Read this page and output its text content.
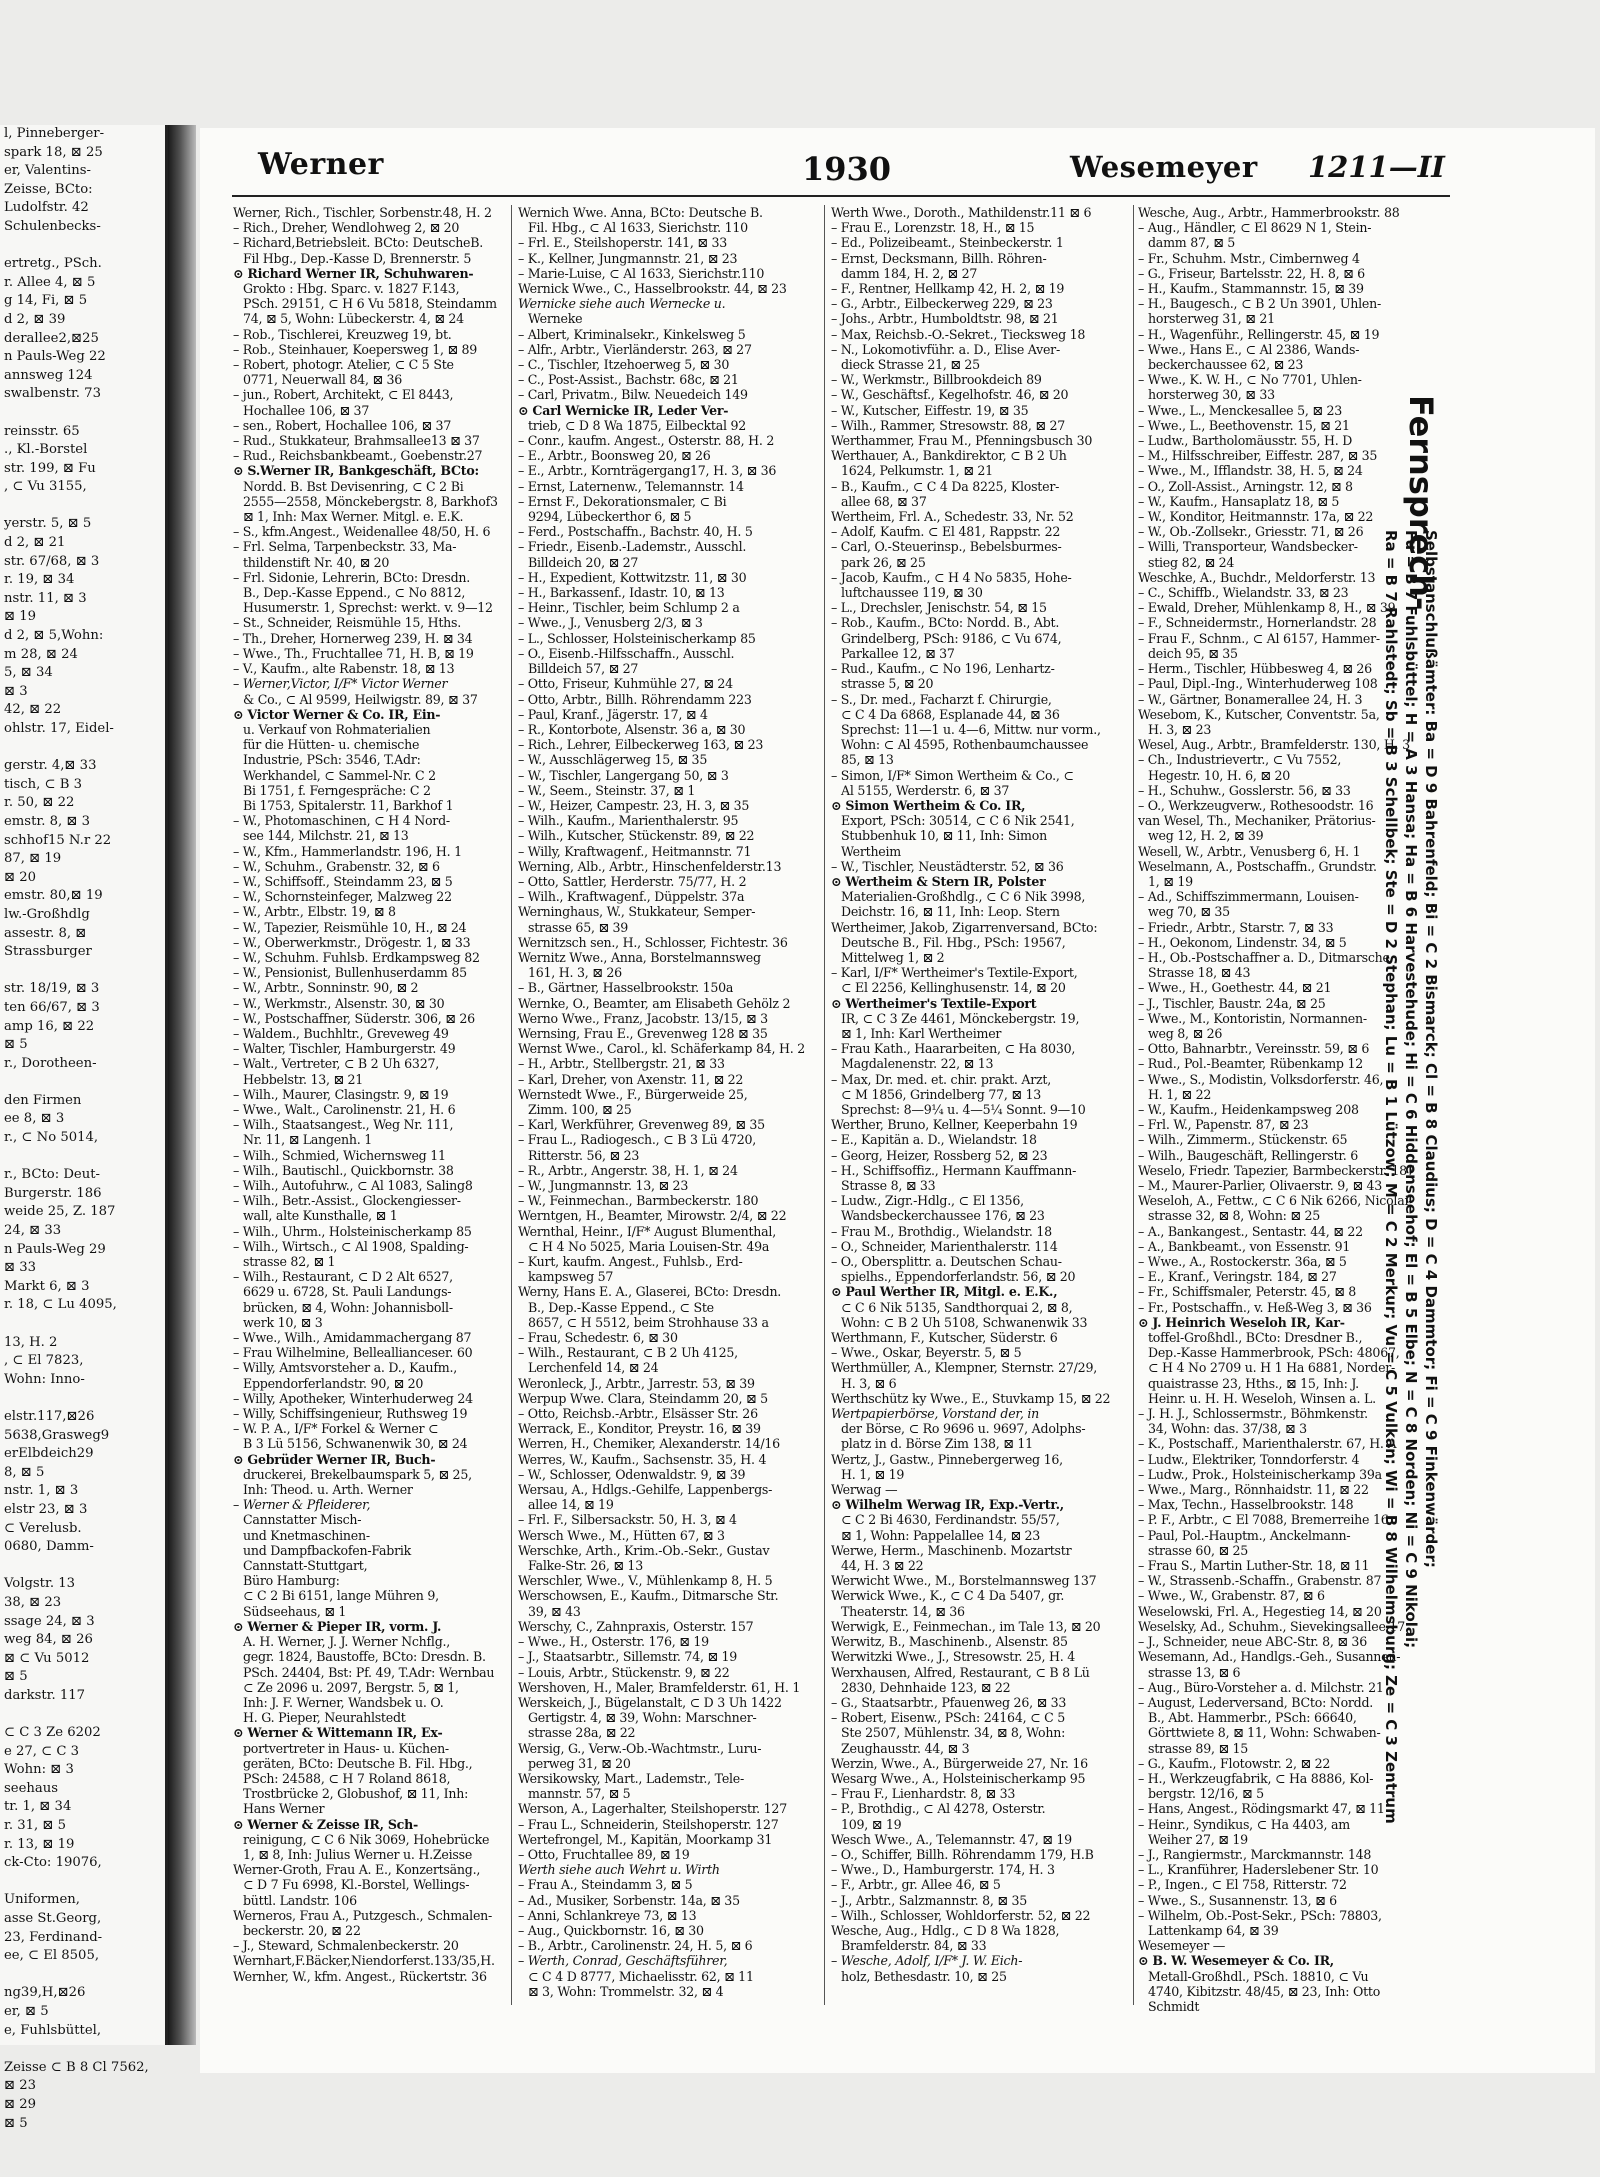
l, Pinneberger-
spark 18, ⊠ 25
er, Valentins-
Zeisse, BCto:
Ludolfstr. 42
Schulenbecks-

ertretg., PSch.
r. Allee 4, ⊠ 5
g 14, Fi, ⊠ 5
d 2, ⊠ 39
derallee2,⊠25
n Pauls-Weg 22
annsweg 124
swalbenstr. 73

reinsstr. 65
., Kl.-Borstel
str. 199, ⊠ Fu
, ⊂ Vu 3155,

yerstr. 5, ⊠ 5
d 2, ⊠ 21
str. 67/68, ⊠ 3
r. 19, ⊠ 34
nstr. 11, ⊠ 3
⊠ 19
d 2, ⊠ 5,Wohn:
m 28, ⊠ 24
5, ⊠ 34
⊠ 3
42, ⊠ 22
ohlstr. 17, Eidel-

gerstr. 4,⊠ 33
tisch, ⊂ B 3
r. 50, ⊠ 22
emstr. 8, ⊠ 3
schhof15 N.r 22
87, ⊠ 19
⊠ 20
emstr. 80,⊠ 19
lw.-Großhdlg
assestr. 8, ⊠
Strassburger

str. 18/19, ⊠ 3
ten 66/67, ⊠ 3
amp 16, ⊠ 22
⊠ 5
r., Dorotheen-

den Firmen
ee 8, ⊠ 3
r., ⊂ No 5014,

r., BCto: Deut-
Burgerstr. 186
weide 25, Z. 187
24, ⊠ 33
n Pauls-Weg 29
⊠ 33
Markt 6, ⊠ 3
r. 18, ⊂ Lu 4095,

13, H. 2
, ⊂ El 7823,
Wohn: Inno-

elstr.117,⊠26
5638,Grasweg9
erElbdeich29
8, ⊠ 5
nstr. 1, ⊠ 3
elstr 23, ⊠ 3
⊂ Verelusb.
0680, Damm-

Volgstr. 13
38, ⊠ 23
ssage 24, ⊠ 3
weg 84, ⊠ 26
⊠ ⊂ Vu 5012
⊠ 5
darkstr. 117

⊂ C 3 Ze 6202
e 27, ⊂ C 3
Wohn: ⊠ 3
seehaus
tr. 1, ⊠ 34
r. 31, ⊠ 5
r. 13, ⊠ 19
ck-Cto: 19076,

Uniformen,
asse St.Georg,
23, Ferdinand-
ee, ⊂ El 8505,

ng39,H,⊠26
er, ⊠ 5
e, Fuhlsbüttel,

Zeisse ⊂ B 8 Cl 7562,
⊠ 23
⊠ 29
⊠ 5
Werner	1930	Wesemeyer 1211—II
Werner, Rich., Tischler, Sorbenstr.48, H. 2
– Rich., Dreher, Wendlohweg 2, ⊠ 20
– Richard,Betriebsleit. BCto: DeutscheB.
Fil Hbg., Dep.-Kasse D, Brennerstr. 5
⊙ Richard Werner IR, Schuhwaren-
Grokto : Hbg. Sparc. v. 1827 F.143,
PSch. 29151, ⊂ H 6 Vu 5818, Steindamm
74, ⊠ 5, Wohn: Lübeckerstr. 4, ⊠ 24
– Rob., Tischlerei, Kreuzweg 19, bt.
– Rob., Steinhauer, Koepersweg 1, ⊠ 89
– Robert, photogr. Atelier, ⊂ C 5 Ste
0771, Neuerwall 84, ⊠ 36
– jun., Robert, Architekt, ⊂ El 8443,
Hochallee 106, ⊠ 37
– sen., Robert, Hochallee 106, ⊠ 37
– Rud., Stukkateur, Brahmsallee13 ⊠ 37
– Rud., Reichsbankbeamt., Goebenstr.27
⊙ S.Werner IR, Bankgeschäft, BCto:
Nordd. B. Bst Devisenring, ⊂ C 2 Bi
2555—2558, Mönckebergstr. 8, Barkhof3
⊠ 1, Inh: Max Werner. Mitgl. e. E.K.
– S., kfm.Angest., Weidenallee 48/50, H. 6
– Frl. Selma, Tarpenbeckstr. 33, Ma-
thildenstift Nr. 40, ⊠ 20
– Frl. Sidonie, Lehrerin, BCto: Dresdn.
B., Dep.-Kasse Eppend., ⊂ No 8812,
Husumerstr. 1, Sprechst: werkt. v. 9—12
– St., Schneider, Reismühle 15, Hths.
– Th., Dreher, Hornerweg 239, H. ⊠ 34
– Wwe., Th., Fruchtallee 71, H. B, ⊠ 19
– V., Kaufm., alte Rabenstr. 18, ⊠ 13
– Werner,Victor, I/F* Victor Werner
& Co., ⊂ Al 9599, Heilwigstr. 89, ⊠ 37
⊙ Victor Werner & Co. IR, Ein-
u. Verkauf von Rohmaterialien
für die Hütten- u. chemische
Industrie, PSch: 3546, T.Adr:
Werkhandel, ⊂ Sammel-Nr. C 2
Bi 1751, f. Ferngespräche: C 2
Bi 1753, Spitalerstr. 11, Barkhof 1
– W., Photomaschinen, ⊂ H 4 Nord-
see 144, Milchstr. 21, ⊠ 13
– W., Kfm., Hammerlandstr. 196, H. 1
– W., Schuhm., Grabenstr. 32, ⊠ 6
– W., Schiffsoff., Steindamm 23, ⊠ 5
– W., Schornsteinfeger, Malzweg 22
– W., Arbtr., Elbstr. 19, ⊠ 8
– W., Tapezier, Reismühle 10, H., ⊠ 24
– W., Oberwerkmstr., Drögestr. 1, ⊠ 33
– W., Schuhm. Fuhlsb. Erdkampsweg 82
– W., Pensionist, Bullenhuserdamm 85
– W., Arbtr., Sonninstr. 90, ⊠ 2
– W., Werkmstr., Alsenstr. 30, ⊠ 30
– W., Postschaffner, Süderstr. 306, ⊠ 26
– Waldem., Buchhltr., Greveweg 49
– Walter, Tischler, Hamburgerstr. 49
– Walt., Vertreter, ⊂ B 2 Uh 6327,
Hebbelstr. 13, ⊠ 21
– Wilh., Maurer, Clasingstr. 9, ⊠ 19
– Wwe., Walt., Carolinenstr. 21, H. 6
– Wilh., Staatsangest., Weg Nr. 111,
Nr. 11, ⊠ Langenh. 1
– Wilh., Schmied, Wichernsweg 11
– Wilh., Bautischl., Quickbornstr. 38
– Wilh., Autofuhrw., ⊂ Al 1083, Saling8
– Wilh., Betr.-Assist., Glockengiesser-
wall, alte Kunsthalle, ⊠ 1
– Wilh., Uhrm., Holsteinischerkamp 85
– Wilh., Wirtsch., ⊂ Al 1908, Spalding-
strasse 82, ⊠ 1
– Wilh., Restaurant, ⊂ D 2 Alt 6527,
6629 u. 6728, St. Pauli Landungs-
brücken, ⊠ 4, Wohn: Johannisboll-
werk 10, ⊠ 3
– Wwe., Wilh., Amidammachergang 87
– Frau Wilhelmine, Belleallianceser. 60
– Willy, Amtsvorsteher a. D., Kaufm.,
Eppendorferlandstr. 90, ⊠ 20
– Willy, Apotheker, Winterhuderweg 24
– Willy, Schiffsingenieur, Ruthsweg 19
– W. P. A., I/F* Forkel & Werner ⊂
B 3 Lü 5156, Schwanenwik 30, ⊠ 24
⊙ Gebrüder Werner IR, Buch-
druckerei, Brekelbaumspark 5, ⊠ 25,
Inh: Theod. u. Arth. Werner
– Werner & Pfleiderer,
Cannstatter Misch-
und Knetmaschinen-
und Dampfbackofen-Fabrik
Cannstatt-Stuttgart,
Büro Hamburg:
⊂ C 2 Bi 6151, lange Mühren 9,
Südseehaus, ⊠ 1
⊙ Werner & Pieper IR, vorm. J.
A. H. Werner, J. J. Werner Nchflg.,
gegr. 1824, Baustoffe, BCto: Dresdn. B.
PSch. 24404, Bst: Pf. 49, T.Adr: Wernbau
⊂ Ze 2096 u. 2097, Bergstr. 5, ⊠ 1,
Inh: J. F. Werner, Wandsbek u. O.
H. G. Pieper, Neurahlstedt
⊙ Werner & Wittemann IR, Ex-
portvertreter in Haus- u. Küchen-
geräten, BCto: Deutsche B. Fil. Hbg.,
PSch: 24588, ⊂ H 7 Roland 8618,
Trostbrücke 2, Globushof, ⊠ 11, Inh:
Hans Werner
⊙ Werner & Zeisse IR, Sch-
reinigung, ⊂ C 6 Nik 3069, Hohebrücke
1, ⊠ 8, Inh: Julius Werner u. H.Zeisse
Werner-Groth, Frau A. E., Konzertsäng.,
⊂ D 7 Fu 6998, Kl.-Borstel, Wellings-
büttl. Landstr. 106
Werneros, Frau A., Putzgesch., Schmalen-
beckerstr. 20, ⊠ 22
– J., Steward, Schmalenbeckerstr. 20
Wernhart,F.Bäcker,Niendorferst.133/35,H.
Wernher, W., kfm. Angest., Rückertstr. 36
Wernich Wwe. Anna, BCto: Deutsche B.
Fil. Hbg., ⊂ Al 1633, Sierichstr. 110
– Frl. E., Steilshoperstr. 141, ⊠ 33
– K., Kellner, Jungmannstr. 21, ⊠ 23
– Marie-Luise, ⊂ Al 1633, Sierichstr.110
Wernick Wwe., C., Hasselbrookstr. 44, ⊠ 23
Wernicke siehe auch Wernecke u.
Werneke
– Albert, Kriminalsekr., Kinkelsweg 5
– Alfr., Arbtr., Vierländerstr. 263, ⊠ 27
– C., Tischler, Itzehoerweg 5, ⊠ 30
– C., Post-Assist., Bachstr. 68c, ⊠ 21
– Carl, Privatm., Bilw. Neuedeich 149
⊙ Carl Wernicke IR, Leder Ver-
trieb, ⊂ D 8 Wa 1875, Eilbecktal 92
– Conr., kaufm. Angest., Osterstr. 88, H. 2
– E., Arbtr., Boonsweg 20, ⊠ 26
– E., Arbtr., Kornträgergang17, H. 3, ⊠ 36
– Ernst, Laternenw., Telemannstr. 14
– Ernst F., Dekorationsmaler, ⊂ Bi
9294, Lübeckerthor 6, ⊠ 5
– Ferd., Postschaffn., Bachstr. 40, H. 5
– Friedr., Eisenb.-Lademstr., Ausschl.
Billdeich 20, ⊠ 27
– H., Expedient, Kottwitzstr. 11, ⊠ 30
– H., Barkassenf., Idastr. 10, ⊠ 13
– Heinr., Tischler, beim Schlump 2 a
– Wwe., J., Venusberg 2/3, ⊠ 3
– L., Schlosser, Holsteinischerkamp 85
– O., Eisenb.-Hilfsschaffn., Ausschl.
Billdeich 57, ⊠ 27
– Otto, Friseur, Kuhmühle 27, ⊠ 24
– Otto, Arbtr., Billh. Röhrendamm 223
– Paul, Kranf., Jägerstr. 17, ⊠ 4
– R., Kontorbote, Alsenstr. 36 a, ⊠ 30
– Rich., Lehrer, Eilbeckerweg 163, ⊠ 23
– W., Ausschlägerweg 15, ⊠ 35
– W., Tischler, Langergang 50, ⊠ 3
– W., Seem., Steinstr. 37, ⊠ 1
– W., Heizer, Campestr. 23, H. 3, ⊠ 35
– Wilh., Kaufm., Marienthalerstr. 95
– Wilh., Kutscher, Stückenstr. 89, ⊠ 22
– Willy, Kraftwagenf., Heitmannstr. 71
Werning, Alb., Arbtr., Hinschenfelderstr.13
– Otto, Sattler, Herderstr. 75/77, H. 2
– Wilh., Kraftwagenf., Düppelstr. 37a
Werninghaus, W., Stukkateur, Semper-
strasse 65, ⊠ 39
Wernitzsch sen., H., Schlosser, Fichtestr. 36
Wernitz Wwe., Anna, Borstelmannsweg
161, H. 3, ⊠ 26
– B., Gärtner, Hasselbrookstr. 150a
Wernke, O., Beamter, am Elisabeth Gehölz 2
Werno Wwe., Franz, Jacobstr. 13/15, ⊠ 3
Wernsing, Frau E., Grevenweg 128 ⊠ 35
Wernst Wwe., Carol., kl. Schäferkamp 84, H. 2
– H., Arbtr., Stellbergstr. 21, ⊠ 33
– Karl, Dreher, von Axenstr. 11, ⊠ 22
Wernstedt Wwe., F., Bürgerweide 25,
Zimm. 100, ⊠ 25
– Karl, Werkführer, Grevenweg 89, ⊠ 35
– Frau L., Radiogesch., ⊂ B 3 Lü 4720,
Ritterstr. 56, ⊠ 23
– R., Arbtr., Angerstr. 38, H. 1, ⊠ 24
– W., Jungmannstr. 13, ⊠ 23
– W., Feinmechan., Barmbeckerstr. 180
Werntgen, H., Beamter, Mirowstr. 2/4, ⊠ 22
Wernthal, Heinr., I/F* August Blumenthal,
⊂ H 4 No 5025, Maria Louisen-Str. 49a
– Kurt, kaufm. Angest., Fuhlsb., Erd-
kampsweg 57
Werny, Hans E. A., Glaserei, BCto: Dresdn.
B., Dep.-Kasse Eppend., ⊂ Ste
8657, ⊂ H 5512, beim Strohhause 33 a
– Frau, Schedestr. 6, ⊠ 30
– Wilh., Restaurant, ⊂ B 2 Uh 4125,
Lerchenfeld 14, ⊠ 24
Weronleck, J., Arbtr., Jarrestr. 53, ⊠ 39
Werpup Wwe. Clara, Steindamm 20, ⊠ 5
– Otto, Reichsb.-Arbtr., Elsässer Str. 26
Werrack, E., Konditor, Preystr. 16, ⊠ 39
Werren, H., Chemiker, Alexanderstr. 14/16
Werres, W., Kaufm., Sachsenstr. 35, H. 4
– W., Schlosser, Odenwaldstr. 9, ⊠ 39
Wersau, A., Hdlgs.-Gehilfe, Lappenbergs-
allee 14, ⊠ 19
– Frl. F., Silbersackstr. 50, H. 3, ⊠ 4
Wersch Wwe., M., Hütten 67, ⊠ 3
Werschke, Arth., Krim.-Ob.-Sekr., Gustav
Falke-Str. 26, ⊠ 13
Werschler, Wwe., V., Mühlenkamp 8, H. 5
Werschowsen, E., Kaufm., Ditmarsche Str.
39, ⊠ 43
Werschy, C., Zahnpraxis, Osterstr. 157
– Wwe., H., Osterstr. 176, ⊠ 19
– J., Staatsarbtr., Sillemstr. 74, ⊠ 19
– Louis, Arbtr., Stückenstr. 9, ⊠ 22
Wershoven, H., Maler, Bramfelderstr. 61, H. 1
Werskeich, J., Bügelanstalt, ⊂ D 3 Uh 1422
Gertigstr. 4, ⊠ 39, Wohn: Marschner-
strasse 28a, ⊠ 22
Wersig, G., Verw.-Ob.-Wachtmstr., Luru-
perweg 31, ⊠ 20
Wersikowsky, Mart., Lademstr., Tele-
mannstr. 57, ⊠ 5
Werson, A., Lagerhalter, Steilshoperstr. 127
– Frau L., Schneiderin, Steilshoperstr. 127
Wertefrongel, M., Kapitän, Moorkamp 31
– Otto, Fruchtallee 89, ⊠ 19
Werth siehe auch Wehrt u. Wirth
– Frau A., Steindamm 3, ⊠ 5
– Ad., Musiker, Sorbenstr. 14a, ⊠ 35
– Anni, Schlankreye 73, ⊠ 13
– Aug., Quickbornstr. 16, ⊠ 30
– B., Arbtr., Carolinenstr. 24, H. 5, ⊠ 6
– Werth, Conrad, Geschäftsführer,
⊂ C 4 D 8777, Michaelisstr. 62, ⊠ 11
⊠ 3, Wohn: Trommelstr. 32, ⊠ 4
Werth Wwe., Doroth., Mathildenstr.11 ⊠ 6
– Frau E., Lorenzstr. 18, H., ⊠ 15
– Ed., Polizeibeamt., Steinbeckerstr. 1
– Ernst, Decksmann, Billh. Röhren-
damm 184, H. 2, ⊠ 27
– F., Rentner, Hellkamp 42, H. 2, ⊠ 19
– G., Arbtr., Eilbeckerweg 229, ⊠ 23
– Johs., Arbtr., Humboldtstr. 98, ⊠ 21
– Max, Reichsb.-O.-Sekret., Tiecksweg 18
– N., Lokomotivführ. a. D., Elise Aver-
dieck Strasse 21, ⊠ 25
– W., Werkmstr., Billbrookdeich 89
– W., Geschäftsf., Kegelhofstr. 46, ⊠ 20
– W., Kutscher, Eiffestr. 19, ⊠ 35
– Wilh., Rammer, Stresowstr. 88, ⊠ 27
Werthammer, Frau M., Pfenningsbusch 30
Werthauer, A., Bankdirektor, ⊂ B 2 Uh
1624, Pelkumstr. 1, ⊠ 21
– B., Kaufm., ⊂ C 4 Da 8225, Kloster-
allee 68, ⊠ 37
Wertheim, Frl. A., Schedestr. 33, Nr. 52
– Adolf, Kaufm. ⊂ El 481, Rappstr. 22
– Carl, O.-Steuerinsp., Bebelsburmes-
park 26, ⊠ 25
– Jacob, Kaufm., ⊂ H 4 No 5835, Hohe-
luftchaussee 119, ⊠ 30
– L., Drechsler, Jenischstr. 54, ⊠ 15
– Rob., Kaufm., BCto: Nordd. B., Abt.
Grindelberg, PSch: 9186, ⊂ Vu 674,
Parkallee 12, ⊠ 37
– Rud., Kaufm., ⊂ No 196, Lenhartz-
strasse 5, ⊠ 20
– S., Dr. med., Facharzt f. Chirurgie,
⊂ C 4 Da 6868, Esplanade 44, ⊠ 36
Sprechst: 11—1 u. 4—6, Mittw. nur vorm.,
Wohn: ⊂ Al 4595, Rothenbaumchaussee
85, ⊠ 13
– Simon, I/F* Simon Wertheim & Co., ⊂
Al 5155, Werderstr. 6, ⊠ 37
⊙ Simon Wertheim & Co. IR,
Export, PSch: 30514, ⊂ C 6 Nik 2541,
Stubbenhuk 10, ⊠ 11, Inh: Simon
Wertheim
– W., Tischler, Neustädterstr. 52, ⊠ 36
⊙ Wertheim & Stern IR, Polster
Materialien-Großhdlg., ⊂ C 6 Nik 3998,
Deichstr. 16, ⊠ 11, Inh: Leop. Stern
Wertheimer, Jakob, Zigarrenversand, BCto:
Deutsche B., Fil. Hbg., PSch: 19567,
Mittelweg 1, ⊠ 2
– Karl, I/F* Wertheimer's Textile-Export,
⊂ El 2256, Kellinghusenstr. 14, ⊠ 20
⊙ Wertheimer's Textile-Export
IR, ⊂ C 3 Ze 4461, Mönckebergstr. 19,
⊠ 1, Inh: Karl Wertheimer
– Frau Kath., Haararbeiten, ⊂ Ha 8030,
Magdalenenstr. 22, ⊠ 13
– Max, Dr. med. et. chir. prakt. Arzt,
⊂ M 1856, Grindelberg 77, ⊠ 13
Sprechst: 8—9¼ u. 4—5¼ Sonnt. 9—10
Werther, Bruno, Kellner, Keeperbahn 19
– E., Kapitän a. D., Wielandstr. 18
– Georg, Heizer, Rossberg 52, ⊠ 23
– H., Schiffsoffiz., Hermann Kauffmann-
Strasse 8, ⊠ 33
– Ludw., Zigr.-Hdlg., ⊂ El 1356,
Wandsbeckerchaussee 176, ⊠ 23
– Frau M., Brothdig., Wielandstr. 18
– O., Schneider, Marienthalerstr. 114
– O., Obersplittr. a. Deutschen Schau-
spielhs., Eppendorferlandstr. 56, ⊠ 20
⊙ Paul Werther IR, Mitgl. e. E.K.,
⊂ C 6 Nik 5135, Sandthorquai 2, ⊠ 8,
Wohn: ⊂ B 2 Uh 5108, Schwanenwik 33
Werthmann, F., Kutscher, Süderstr. 6
– Wwe., Oskar, Beyerstr. 5, ⊠ 5
Werthmüller, A., Klempner, Sternstr. 27/29,
H. 3, ⊠ 6
Werthschütz ky Wwe., E., Stuvkamp 15, ⊠ 22
Wertpapierbörse, Vorstand der, in
der Börse, ⊂ Ro 9696 u. 9697, Adolphs-
platz in d. Börse Zim 138, ⊠ 11
Wertz, J., Gastw., Pinnebergerweg 16,
H. 1, ⊠ 19
Werwag —
⊙ Wilhelm Werwag IR, Exp.-Vertr.,
⊂ C 2 Bi 4630, Ferdinandstr. 55/57,
⊠ 1, Wohn: Pappelallee 14, ⊠ 23
Werwe, Herm., Maschinenb. Mozartstr
44, H. 3 ⊠ 22
Werwicht Wwe., M., Borstelmannsweg 137
Werwick Wwe., K., ⊂ C 4 Da 5407, gr.
Theaterstr. 14, ⊠ 36
Werwigk, E., Feinmechan., im Tale 13, ⊠ 20
Werwitz, B., Maschinenb., Alsenstr. 85
Werwitzki Wwe., J., Stresowstr. 25, H. 4
Werxhausen, Alfred, Restaurant, ⊂ B 8 Lü
2830, Dehnhaide 123, ⊠ 22
– G., Staatsarbtr., Pfauenweg 26, ⊠ 33
– Robert, Eisenw., PSch: 24164, ⊂ C 5
Ste 2507, Mühlenstr. 34, ⊠ 8, Wohn:
Zeughausstr. 44, ⊠ 3
Werzin, Wwe., A., Bürgerweide 27, Nr. 16
Wesarg Wwe., A., Holsteinischerkamp 95
– Frau F., Lienhardstr. 8, ⊠ 33
– P., Brothdig., ⊂ Al 4278, Osterstr.
109, ⊠ 19
Wesch Wwe., A., Telemannstr. 47, ⊠ 19
– O., Schiffer, Billh. Röhrendamm 179, H.B
– Wwe., D., Hamburgerstr. 174, H. 3
– F., Arbtr., gr. Allee 46, ⊠ 5
– J., Arbtr., Salzmannstr. 8, ⊠ 35
– Wilh., Schlosser, Wohldorferstr. 52, ⊠ 22
Wesche, Aug., Hdlg., ⊂ D 8 Wa 1828,
Bramfelderstr. 84, ⊠ 33
– Wesche, Adolf, I/F* J. W. Eich-
holz, Bethesdastr. 10, ⊠ 25
Wesche, Aug., Arbtr., Hammerbrookstr. 88
– Aug., Händler, ⊂ El 8629 N 1, Stein-
damm 87, ⊠ 5
– Fr., Schuhm. Mstr., Cimbernweg 4
– G., Friseur, Bartelsstr. 22, H. 8, ⊠ 6
– H., Kaufm., Stammannstr. 15, ⊠ 39
– H., Baugesch., ⊂ B 2 Un 3901, Uhlen-
horsterweg 31, ⊠ 21
– H., Wagenführ., Rellingerstr. 45, ⊠ 19
– Wwe., Hans E., ⊂ Al 2386, Wands-
beckerchaussee 62, ⊠ 23
– Wwe., K. W. H., ⊂ No 7701, Uhlen-
horsterweg 30, ⊠ 33
– Wwe., L., Menckesallee 5, ⊠ 23
– Wwe., L., Beethovenstr. 15, ⊠ 21
– Ludw., Bartholomäusstr. 55, H. D
– M., Hilfsschreiber, Eiffestr. 287, ⊠ 35
– Wwe., M., Ifflandstr. 38, H. 5, ⊠ 24
– O., Zoll-Assist., Arningstr. 12, ⊠ 8
– W., Kaufm., Hansaplatz 18, ⊠ 5
– W., Konditor, Heitmannstr. 17a, ⊠ 22
– W., Ob.-Zollsekr., Griesstr. 71, ⊠ 26
– Willi, Transporteur, Wandsbecker-
stieg 82, ⊠ 24
Weschke, A., Buchdr., Meldorferstr. 13
– C., Schiffb., Wielandstr. 33, ⊠ 23
– Ewald, Dreher, Mühlenkamp 8, H., ⊠ 39
– F., Schneidermstr., Hornerlandstr. 28
– Frau F., Schnm., ⊂ Al 6157, Hammer-
deich 95, ⊠ 35
– Herm., Tischler, Hübbesweg 4, ⊠ 26
– Paul, Dipl.-Ing., Winterhuderweg 108
– W., Gärtner, Bonamerallee 24, H. 3
Wesebom, K., Kutscher, Conventstr. 5a,
H. 3, ⊠ 23
Wesel, Aug., Arbtr., Bramfelderstr. 130, H. 3
– Ch., Industrievertr., ⊂ Vu 7552,
Hegestr. 10, H. 6, ⊠ 20
– H., Schuhw., Gosslerstr. 56, ⊠ 33
– O., Werkzeugverw., Rothesoodstr. 16
van Wesel, Th., Mechaniker, Prätorius-
weg 12, H. 2, ⊠ 39
Wesell, W., Arbtr., Venusberg 6, H. 1
Weselmann, A., Postschaffn., Grundstr.
1, ⊠ 19
– Ad., Schiffszimmermann, Louisen-
weg 70, ⊠ 35
– Friedr., Arbtr., Starstr. 7, ⊠ 33
– H., Oekonom, Lindenstr. 34, ⊠ 5
– H., Ob.-Postschaffner a. D., Ditmarsche
Strasse 18, ⊠ 43
– Wwe., H., Goethestr. 44, ⊠ 21
– J., Tischler, Baustr. 24a, ⊠ 25
– Wwe., M., Kontoristin, Normannen-
weg 8, ⊠ 26
– Otto, Bahnarbtr., Vereinsstr. 59, ⊠ 6
– Rud., Pol.-Beamter, Rübenkamp 12
– Wwe., S., Modistin, Volksdorferstr. 46,
H. 1, ⊠ 22
– W., Kaufm., Heidenkampsweg 208
– Frl. W., Papenstr. 87, ⊠ 23
– Wilh., Zimmerm., Stückenstr. 65
– Wilh., Baugeschäft, Rellingerstr. 6
Weselo, Friedr. Tapezier, Barmbeckerstr. 187
– M., Maurer-Parlier, Olivaerstr. 9, ⊠ 43
Weseloh, A., Fettw., ⊂ C 6 Nik 6266, Nicolai-
strasse 32, ⊠ 8, Wohn: ⊠ 25
– A., Bankangest., Sentastr. 44, ⊠ 22
– A., Bankbeamt., von Essenstr. 91
– Wwe., A., Rostockerstr. 36a, ⊠ 5
– E., Kranf., Veringstr. 184, ⊠ 27
– Fr., Schiffsmaler, Peterstr. 45, ⊠ 8
– Fr., Postschaffn., v. Heß-Weg 3, ⊠ 36
⊙ J. Heinrich Weseloh IR, Kar-
toffel-Großhdl., BCto: Dresdner B.,
Dep.-Kasse Hammerbrook, PSch: 48067,
⊂ H 4 No 2709 u. H 1 Ha 6881, Norder-
quaistrasse 23, Hths., ⊠ 15, Inh: J.
Heinr. u. H. H. Weseloh, Winsen a. L.
– J. H. J., Schlossermstr., Böhmkenstr.
34, Wohn: das. 37/38, ⊠ 3
– K., Postschaff., Marienthalerstr. 67, H. A
– Ludw., Elektriker, Tonndorferstr. 4
– Ludw., Prok., Holsteinischerkamp 39a
– Wwe., Marg., Rönnhaidstr. 11, ⊠ 22
– Max, Techn., Hasselbrookstr. 148
– P. F., Arbtr., ⊂ El 7088, Bremerreihe 16
– Paul, Pol.-Hauptm., Anckelmann-
strasse 60, ⊠ 25
– Frau S., Martin Luther-Str. 18, ⊠ 11
– W., Strassenb.-Schaffn., Grabenstr. 87
– Wwe., W., Grabenstr. 87, ⊠ 6
Weselowski, Frl. A., Hegestieg 14, ⊠ 20
Weselsky, Ad., Schuhm., Sievekingsallee 17
– J., Schneider, neue ABC-Str. 8, ⊠ 36
Wesemann, Ad., Handlgs.-Geh., Susannen-
strasse 13, ⊠ 6
– Aug., Büro-Vorsteher a. d. Milchstr. 21
– August, Lederversand, BCto: Nordd.
B., Abt. Hammerbr., PSch: 66640,
Görttwiete 8, ⊠ 11, Wohn: Schwaben-
strasse 89, ⊠ 15
– G., Kaufm., Flotowstr. 2, ⊠ 22
– H., Werkzeugfabrik, ⊂ Ha 8886, Kol-
bergstr. 12/16, ⊠ 5
– Hans, Angest., Rödingsmarkt 47, ⊠ 11
– Heinr., Syndikus, ⊂ Ha 4403, am
Weiher 27, ⊠ 19
– J., Rangiermstr., Marckmannstr. 148
– L., Kranführer, Haderslebener Str. 10
– P., Ingen., ⊂ El 758, Ritterstr. 72
– Wwe., S., Susannenstr. 13, ⊠ 6
– Wilhelm, Ob.-Post-Sekr., PSch: 78803,
Lattenkamp 64, ⊠ 39
Wesemeyer —
⊙ B. W. Wesemeyer & Co. IR,
Metall-Großhdl., PSch. 18810, ⊂ Vu
4740, Kibitzstr. 48/45, ⊠ 23, Inh: Otto
Schmidt
Selbstanschlußämter: Ba = D 9 Bahrenfeld; Bi = C 2 Bismarck; Cl = B 8 Claudius; D = C 4 Dammtor; Fi = C 9 Finkenwärder;
Fu = B 7 Fuhlsbüttel; H = A 3 Hansa; Ha = B 6 Harvestehude; Hi = C 6 Hiddenseehof; El = B 5 Elbe; N = C 8 Norden; Ni = C 9 Nikolai;
Ra = B 7 Rahlstedt; Sb = B 3 Schellbek; Ste = D 2 Stephan; Lu = B 1 Lützow; M = C 2 Merkur; Vu = C 5 Vulkan; Wi = B 8 Wilhelmsburg; Ze = C 3 Zentrum
